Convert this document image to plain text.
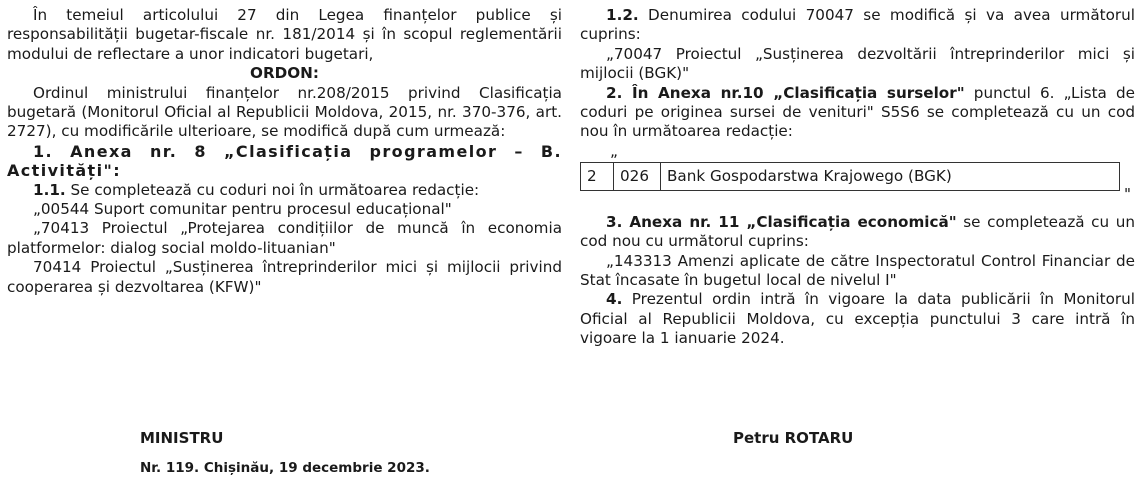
În temeiul articolului 27 din Legea finanțelor publice și responsabilității bugetar-fiscale nr. 181/2014 și în scopul reglementării modului de reflectare a unor indicatori bugetari,

ORDON:

Ordinul ministrului finanțelor nr.208/2015 privind Clasificația bugetară (Monitorul Oficial al Republicii Moldova, 2015, nr. 370-376, art. 2727), cu modificările ulterioare, se modifică după cum urmează:

1. Anexa nr. 8 „Clasificația programelor – B. Activități":

1.1. Se completează cu coduri noi în următoarea redacție:

„00544 Suport comunitar pentru procesul educațional"

„70413 Proiectul „Protejarea condițiilor de muncă în economia platformelor: dialog social moldo-lituanian"

70414 Proiectul „Susținerea întreprinderilor mici și mijlocii privind cooperarea și dezvoltarea (KFW)"

1.2. Denumirea codului 70047 se modifică și va avea următorul cuprins:

„70047 Proiectul „Susținerea dezvoltării întreprinderilor mici și mijlocii (BGK)"

2. În Anexa nr.10 „Clasificația surselor" punctul 6. „Lista de coduri pe originea sursei de venituri" S5S6 se completează cu un cod nou în următoarea redacție:

„
2	026	Bank Gospodarstwa Krajowego (BGK)
"

3. Anexa nr. 11 „Clasificația economică" se completează cu un cod nou cu următorul cuprins:

„143313 Amenzi aplicate de către Inspectoratul Control Financiar de Stat încasate în bugetul local de nivelul I"

4. Prezentul ordin intră în vigoare la data publicării în Monitorul Oficial al Republicii Moldova, cu excepția punctului 3 care intră în vigoare la 1 ianuarie 2024.

MINISTRU	Petru ROTARU
Nr. 119. Chișinău, 19 decembrie 2023.
